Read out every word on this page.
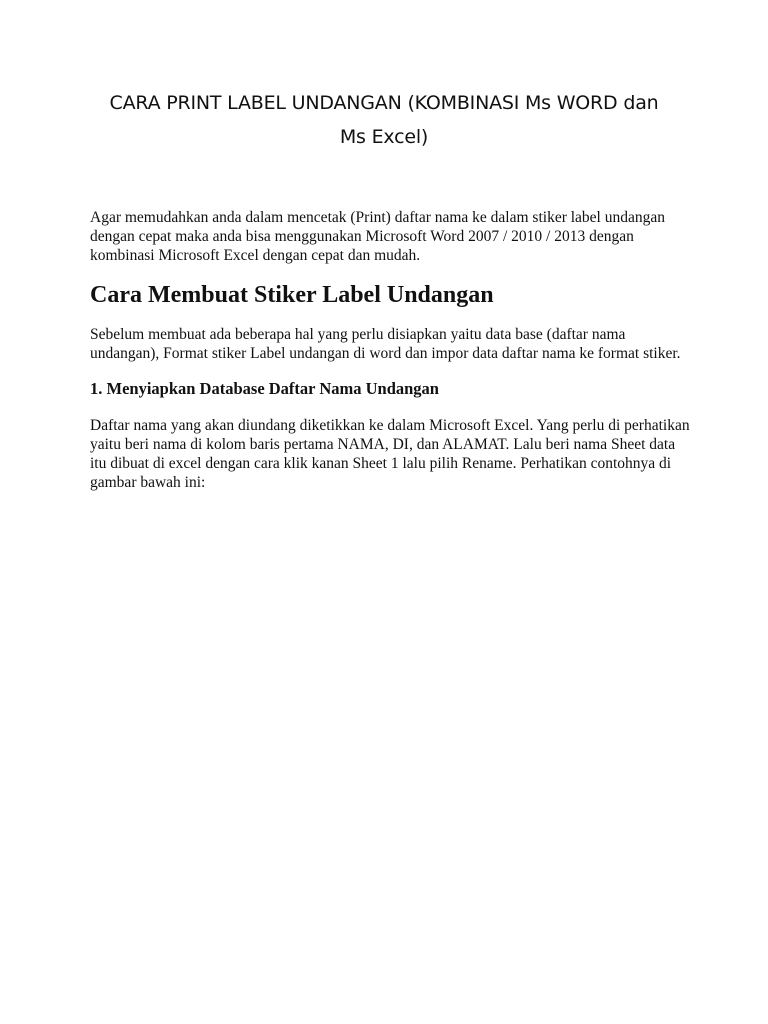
CARA PRINT LABEL UNDANGAN (KOMBINASI Ms WORD dan
Ms Excel)

Agar memudahkan anda dalam mencetak (Print) daftar nama ke dalam stiker label undangan
dengan cepat maka anda bisa menggunakan Microsoft Word 2007 / 2010 / 2013 dengan
kombinasi Microsoft Excel dengan cepat dan mudah.

Cara Membuat Stiker Label Undangan

Sebelum membuat ada beberapa hal yang perlu disiapkan yaitu data base (daftar nama
undangan), Format stiker Label undangan di word dan impor data daftar nama ke format stiker.

1. Menyiapkan Database Daftar Nama Undangan

Daftar nama yang akan diundang diketikkan ke dalam Microsoft Excel. Yang perlu di perhatikan
yaitu beri nama di kolom baris pertama NAMA, DI, dan ALAMAT. Lalu beri nama Sheet data
itu dibuat di excel dengan cara klik kanan Sheet 1 lalu pilih Rename. Perhatikan contohnya di
gambar bawah ini:
